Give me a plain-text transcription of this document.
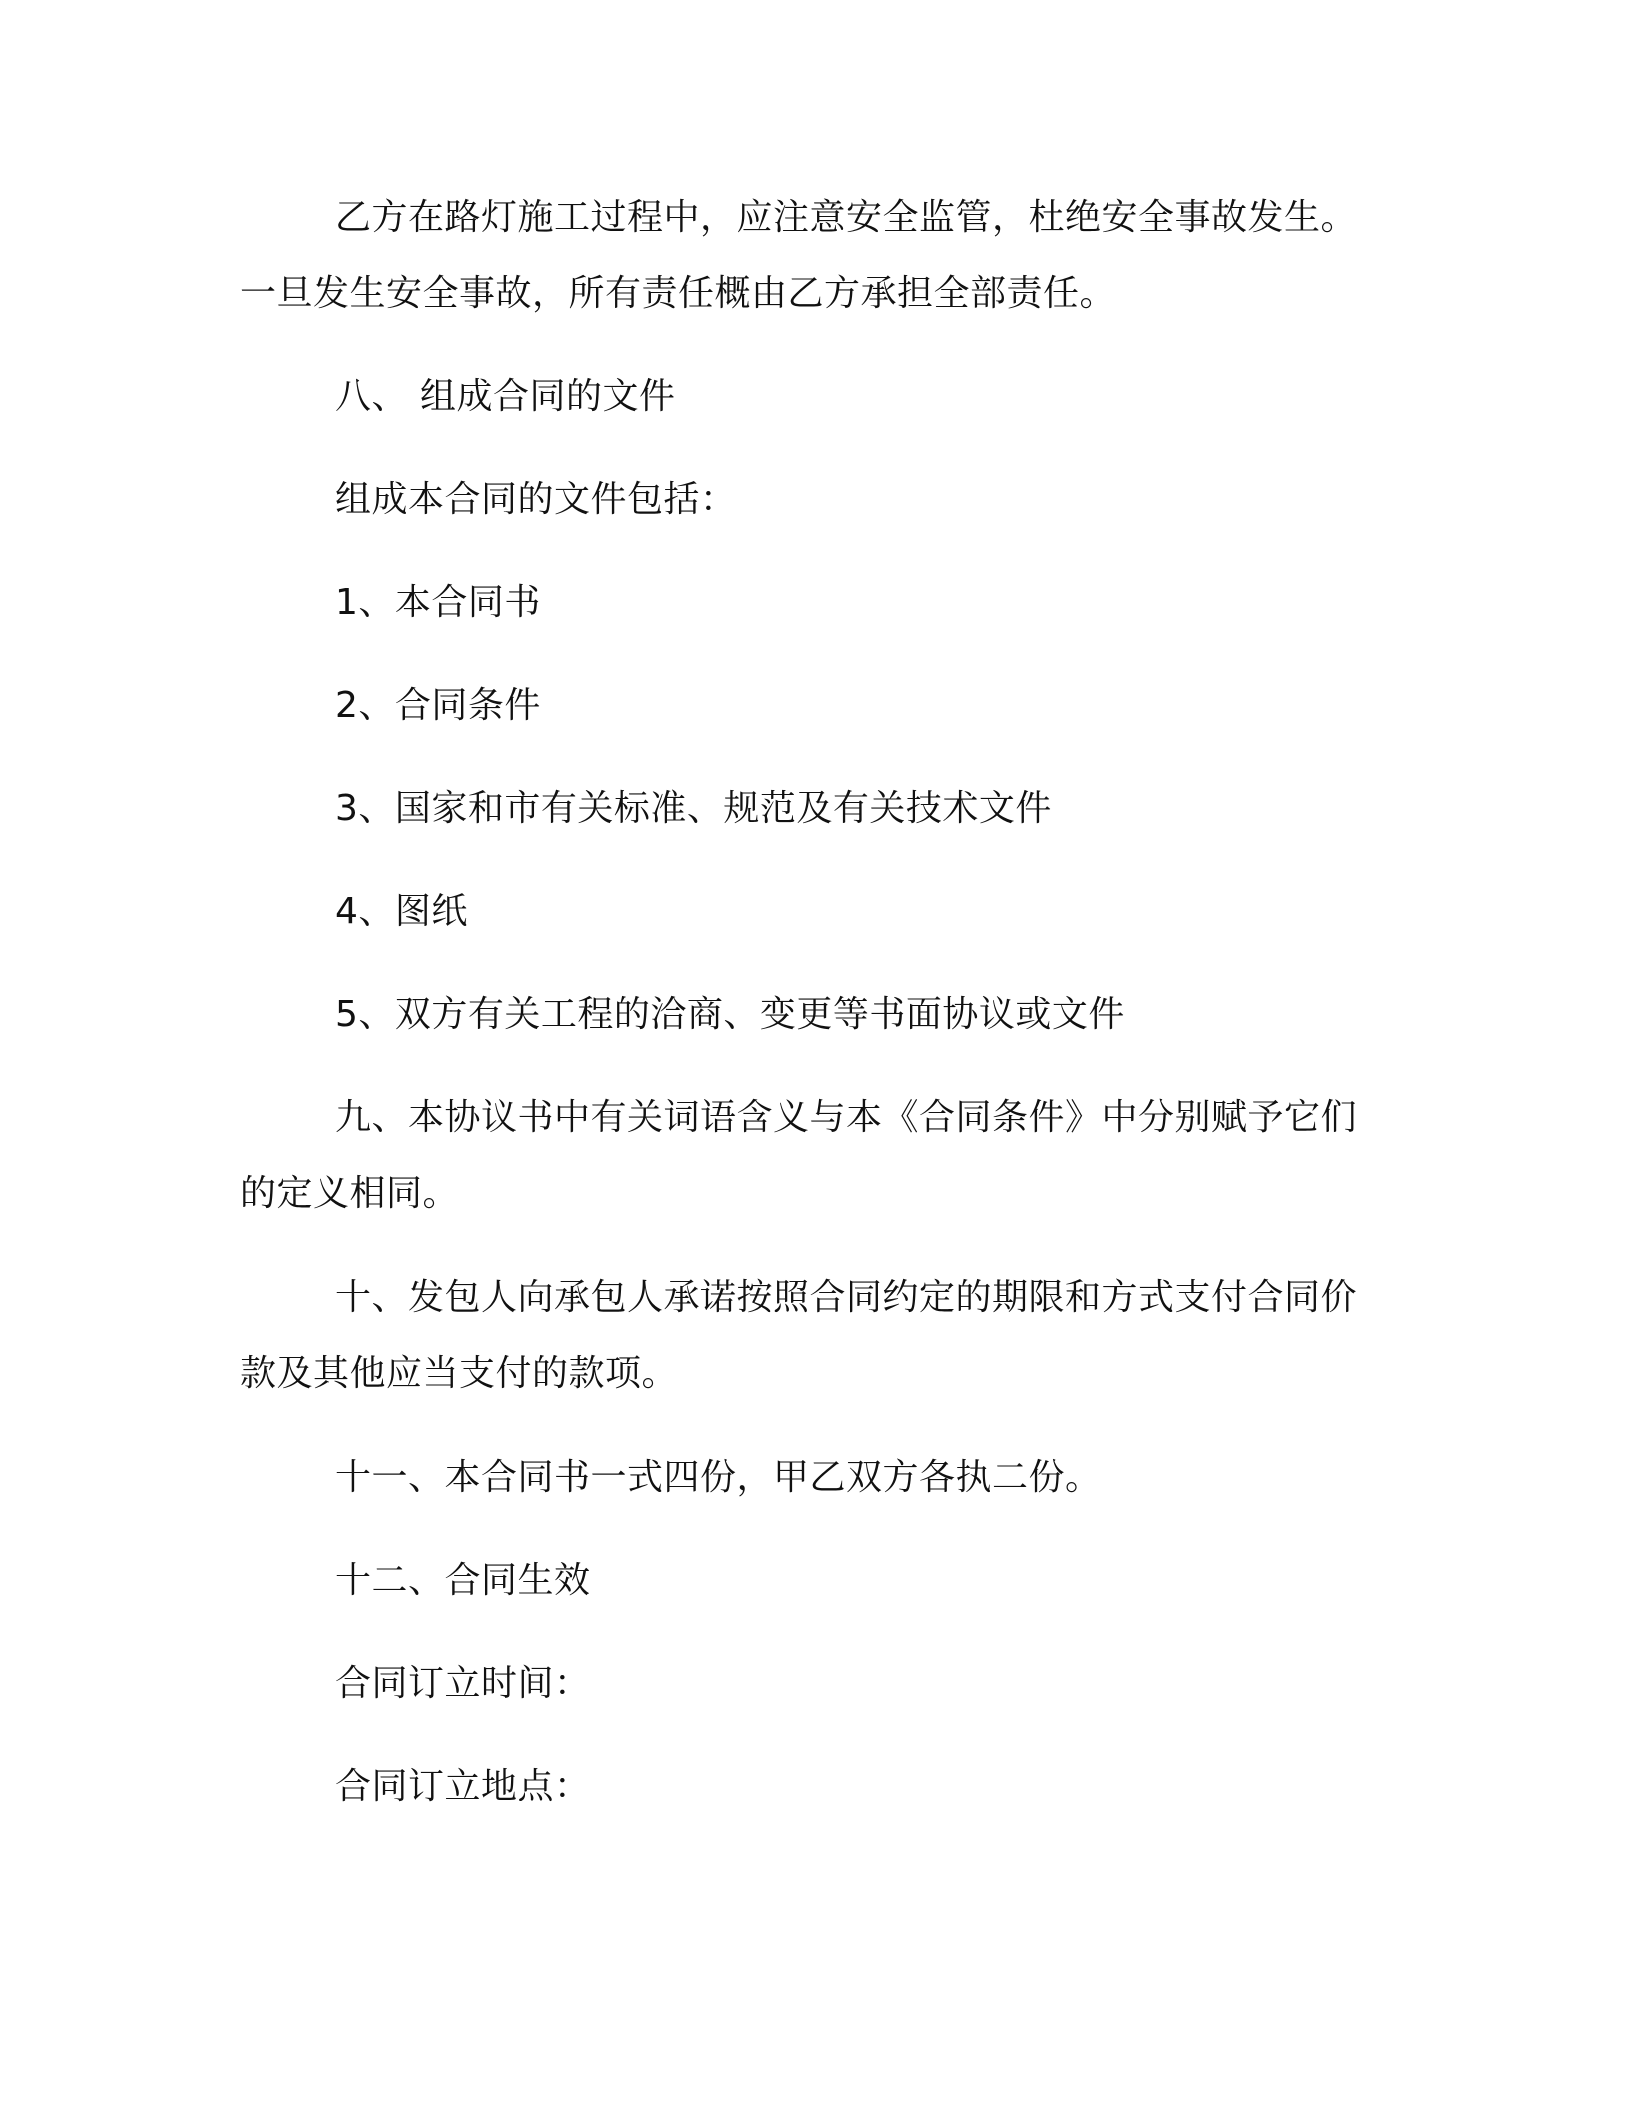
乙方在路灯施工过程中，应注意安全监管，杜绝安全事故发生。

一旦发生安全事故，所有责任概由乙方承担全部责任。

八、 组成合同的文件

组成本合同的文件包括：

1、本合同书

2、合同条件

3、国家和市有关标准、规范及有关技术文件

4、图纸

5、双方有关工程的洽商、变更等书面协议或文件

九、本协议书中有关词语含义与本《合同条件》中分别赋予它们

的定义相同。

十、发包人向承包人承诺按照合同约定的期限和方式支付合同价

款及其他应当支付的款项。

十一、本合同书一式四份，甲乙双方各执二份。

十二、合同生效

合同订立时间：

合同订立地点：
